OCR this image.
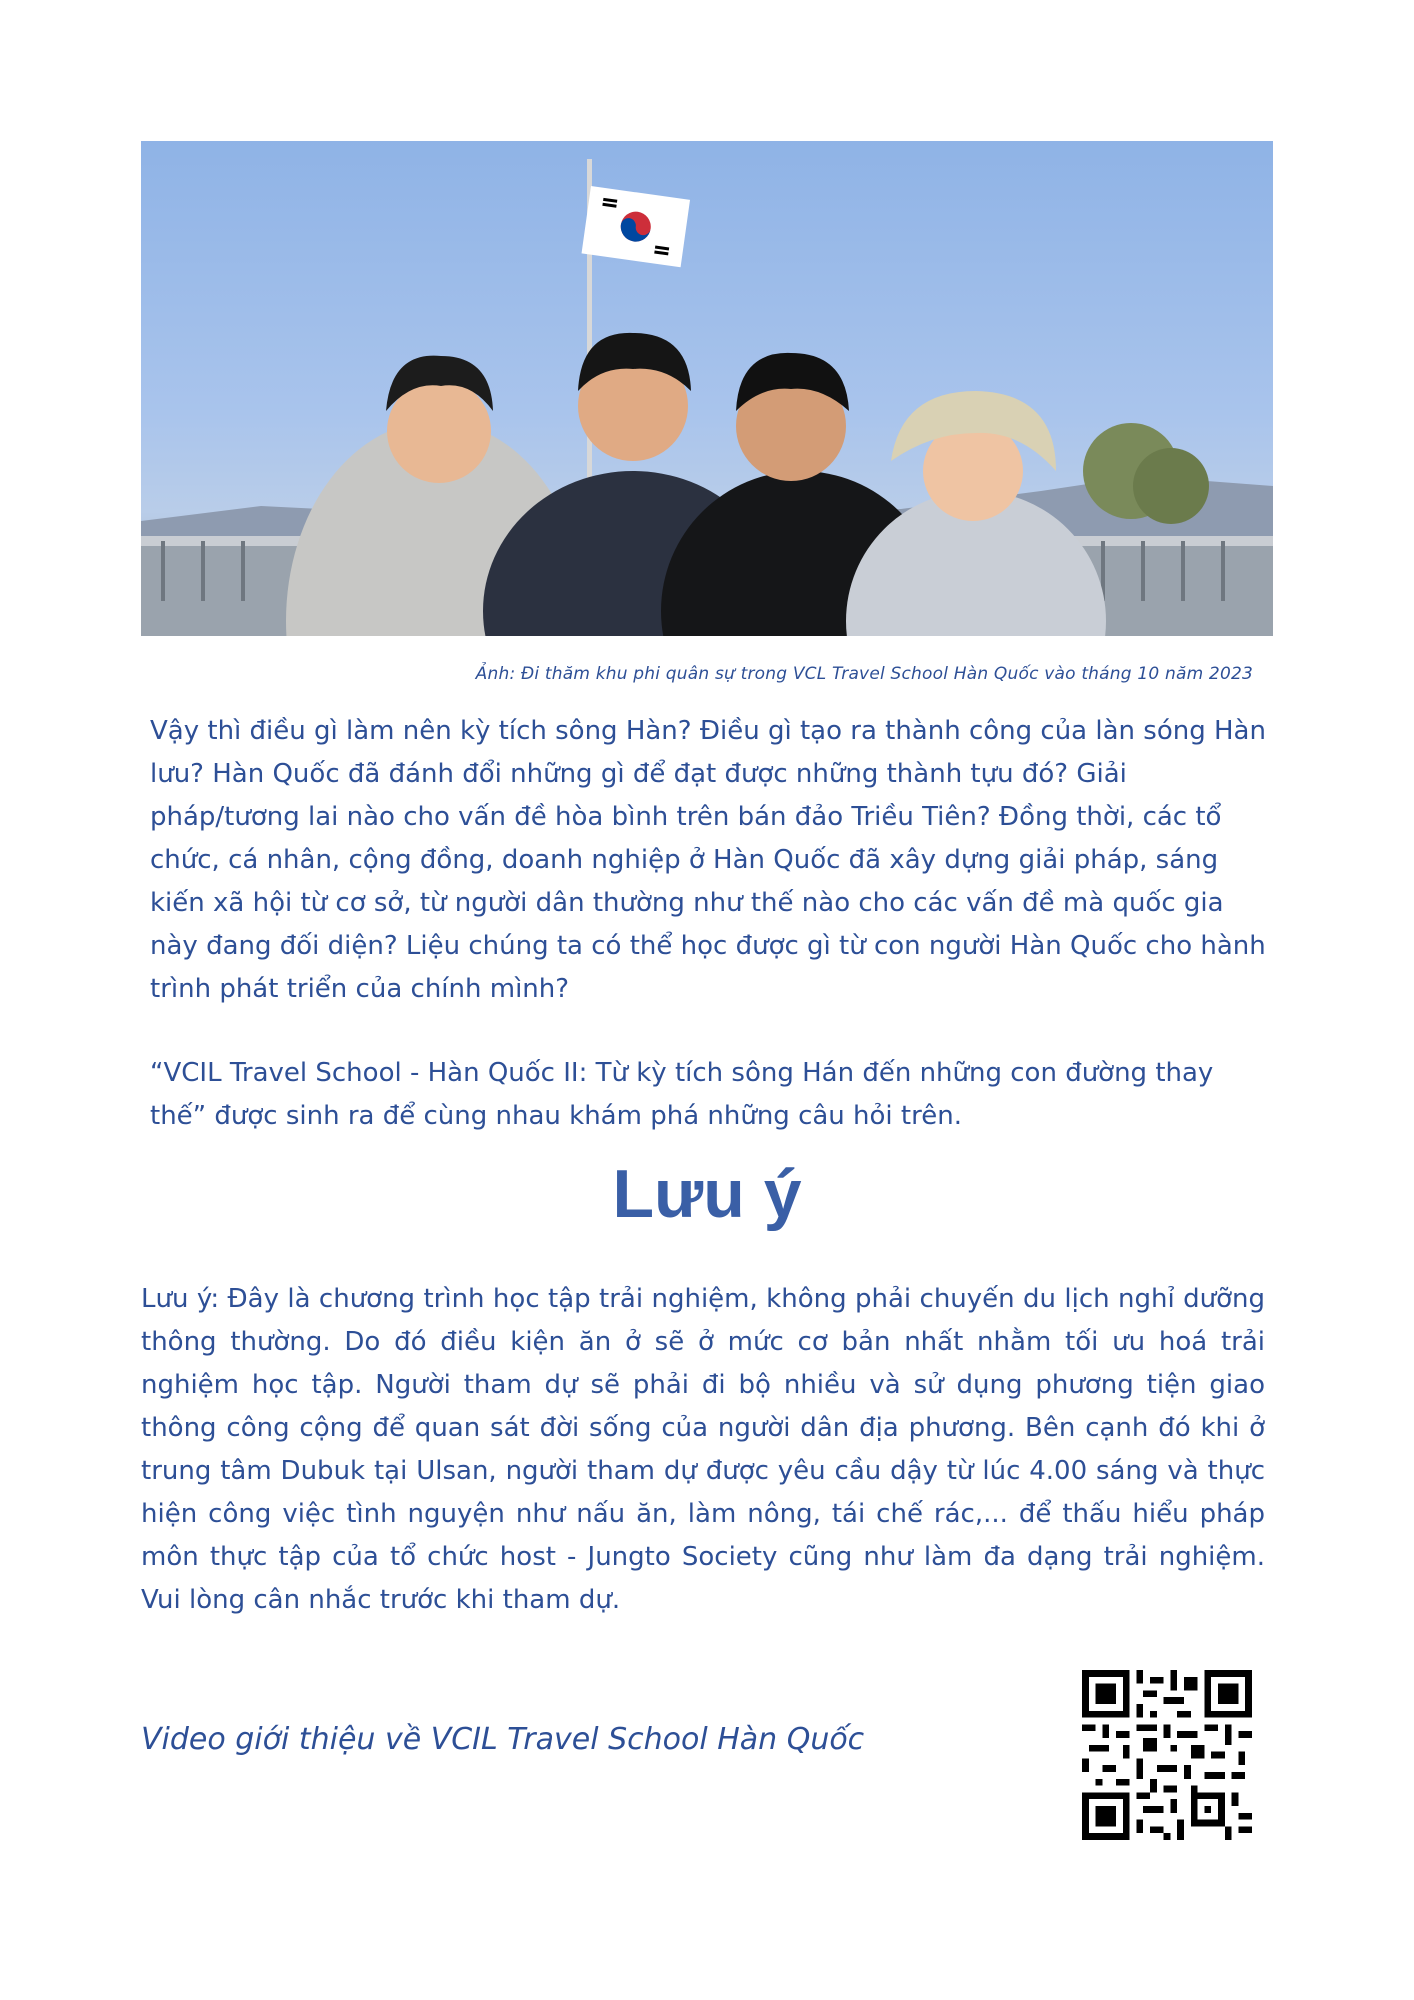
Ảnh: Đi thăm khu phi quân sự trong VCL Travel School Hàn Quốc vào tháng 10 năm 2023

Vậy thì điều gì làm nên kỳ tích sông Hàn? Điều gì tạo ra thành công của làn sóng Hàn lưu? Hàn Quốc đã đánh đổi những gì để đạt được những thành tựu đó? Giải pháp/tương lai nào cho vấn đề hòa bình trên bán đảo Triều Tiên? Đồng thời, các tổ chức, cá nhân, cộng đồng, doanh nghiệp ở Hàn Quốc đã xây dựng giải pháp, sáng kiến xã hội từ cơ sở, từ người dân thường như thế nào cho các vấn đề mà quốc gia này đang đối diện? Liệu chúng ta có thể học được gì từ con người Hàn Quốc cho hành trình phát triển của chính mình?

“VCIL Travel School - Hàn Quốc II: Từ kỳ tích sông Hán đến những con đường thay thế” được sinh ra để cùng nhau khám phá những câu hỏi trên.

Lưu ý

Lưu ý: Đây là chương trình học tập trải nghiệm, không phải chuyến du lịch nghỉ dưỡng thông thường. Do đó điều kiện ăn ở sẽ ở mức cơ bản nhất nhằm tối ưu hoá trải nghiệm học tập. Người tham dự sẽ phải đi bộ nhiều và sử dụng phương tiện giao thông công cộng để quan sát đời sống của người dân địa phương. Bên cạnh đó khi ở trung tâm Dubuk tại Ulsan, người tham dự được yêu cầu dậy từ lúc 4.00 sáng và thực hiện công việc tình nguyện như nấu ăn, làm nông, tái chế rác,... để thấu hiểu pháp môn thực tập của tổ chức host - Jungto Society cũng như làm đa dạng trải nghiệm. Vui lòng cân nhắc trước khi tham dự.

Video giới thiệu về VCIL Travel School Hàn Quốc
